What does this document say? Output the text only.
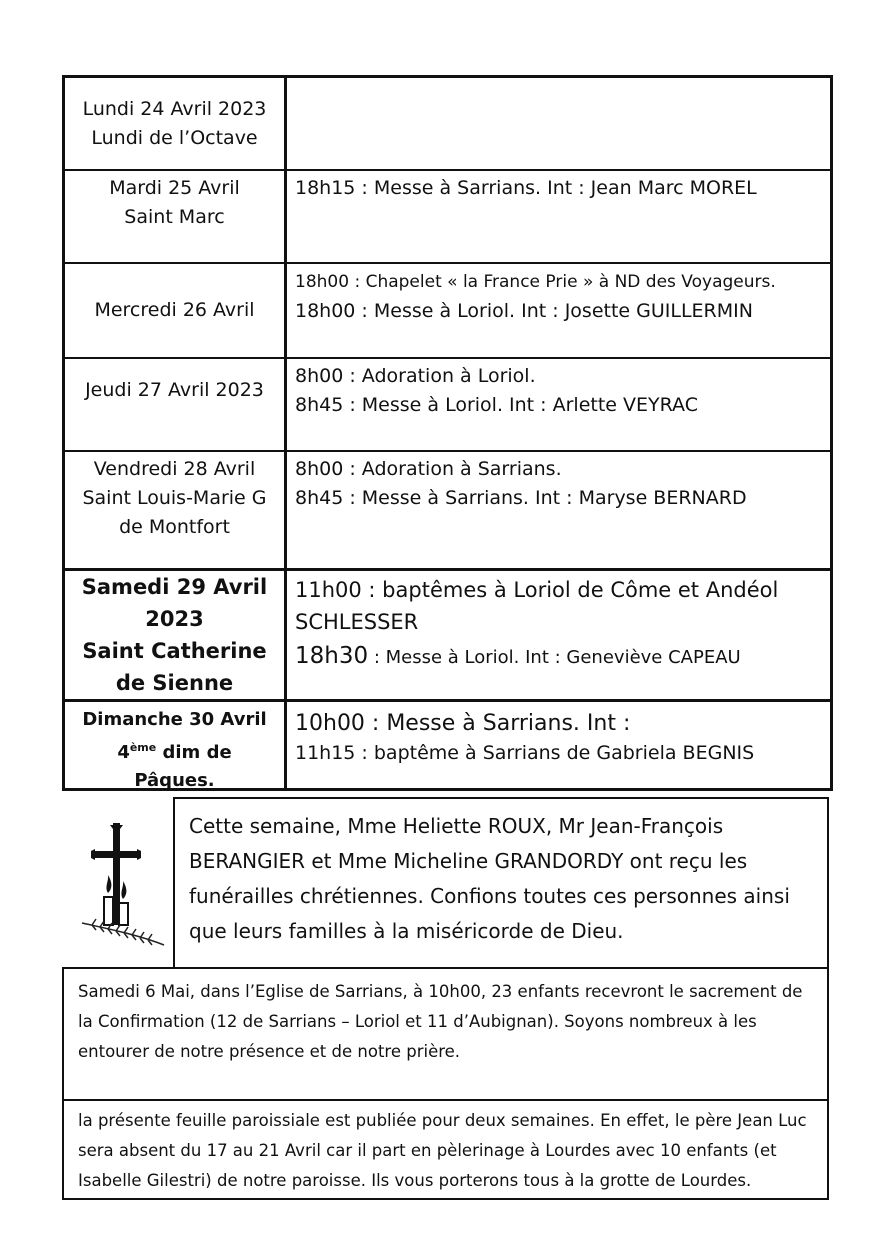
Lundi 24 Avril 2023
Lundi de l’Octave
Mardi 25 Avril
Saint Marc
18h15 : Messe à Sarrians. Int : Jean Marc MOREL
Mercredi 26 Avril
18h00 : Chapelet « la France Prie » à ND des Voyageurs.
18h00 : Messe à Loriol. Int : Josette GUILLERMIN
Jeudi 27 Avril 2023
8h00 : Adoration à Loriol.
8h45 : Messe à Loriol. Int : Arlette VEYRAC
Vendredi 28 Avril
Saint Louis-Marie G
de Montfort
8h00 : Adoration à Sarrians.
8h45 : Messe à Sarrians. Int : Maryse BERNARD
Samedi 29 Avril
2023
Saint Catherine
de Sienne
11h00 : baptêmes à Loriol de Côme et Andéol
SCHLESSER
18h30 : Messe à Loriol. Int : Geneviève CAPEAU
Dimanche 30 Avril
4ème dim de
Pâques.
10h00 : Messe à Sarrians. Int :
11h15 : baptême à Sarrians de Gabriela BEGNIS

Cette semaine, Mme Heliette ROUX, Mr Jean-François BERANGIER et Mme Micheline GRANDORDY ont reçu les funérailles chrétiennes. Confions toutes ces personnes ainsi que leurs familles à la miséricorde de Dieu.

Samedi 6 Mai, dans l’Eglise de Sarrians, à 10h00, 23 enfants recevront le sacrement de la Confirmation (12 de Sarrians – Loriol et 11 d’Aubignan). Soyons nombreux à les entourer de notre présence et de notre prière.

la présente feuille paroissiale est publiée pour deux semaines. En effet, le père Jean Luc sera absent du 17 au 21 Avril car il part en pèlerinage à Lourdes avec 10 enfants (et Isabelle Gilestri) de notre paroisse. Ils vous porterons tous à la grotte de Lourdes.
